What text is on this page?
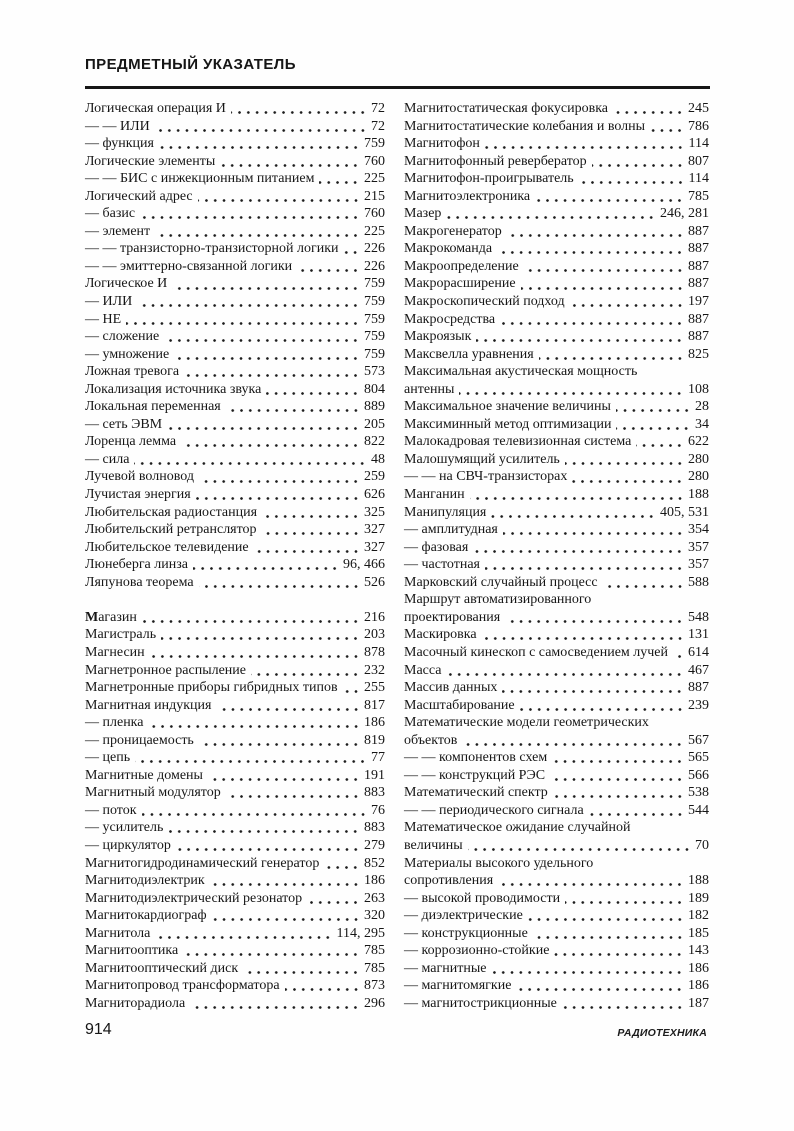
ПРЕДМЕТНЫЙ УКАЗАТЕЛЬ
Логическая операция И	72
— — ИЛИ	72
— функция	759
Логические элементы	760
— — БИС с инжекционным питанием	225
Логический адрес	215
— базис	760
— элемент	225
— — транзисторно-транзисторной логики 226
— — эмиттерно-связанной логики	226
Логическое И	759
— ИЛИ	759
— НЕ	759
— сложение	759
— умножение	759
Ложная тревога	573
Локализация источника звука	804
Локальная переменная	889
— сеть ЭВМ	205
Лоренца лемма	822
— сила	48
Лучевой волновод	259
Лучистая энергия	626
Любительская радиостанция	325
Любительский ретранслятор	327
Любительское телевидение	327
Люнеберга линза	96, 466
Ляпунова теорема	526
Магазин	216
Магистраль	203
Магнесин	878
Магнетронное распыление	232
Магнетронные приборы гибридных типов 255
Магнитная индукция	817
— пленка	186
— проницаемость	819
— цепь	77
Магнитные домены	191
Магнитный модулятор	883
— поток	76
— усилитель	883
— циркулятор	279
Магнитогидродинамический генератор	852
Магнитодиэлектрик	186
Магнитодиэлектрический резонатор	263
Магнитокардиограф	320
Магнитола	114, 295
Магнитооптика	785
Магнитооптический диск	785
Магнитопровод трансформатора	873
Магниторадиола	296
Магнитостатическая фокусировка	245
Магнитостатические колебания и волны	786
Магнитофон	114
Магнитофонный ревербератор	807
Магнитофон-проигрыватель	114
Магнитоэлектроника	785
Мазер	246, 281
Макрогенератор	887
Макрокоманда	887
Макроопределение	887
Макрорасширение	887
Макроскопический подход	197
Макросредства	887
Макроязык	887
Максвелла уравнения	825
Максимальная акустическая мощность
антенны	108
Максимальное значение величины	28
Максиминный метод оптимизации	34
Малокадровая телевизионная система	622
Малошумящий усилитель	280
— — на СВЧ-транзисторах	280
Манганин	188
Манипуляция	405, 531
— амплитудная	354
— фазовая	357
— частотная	357
Марковский случайный процесс	588
Маршрут автоматизированного
проектирования	548
Маскировка	131
Масочный кинескоп с самосведением лучей 614
Масса	467
Массив данных	887
Масштабирование	239
Математические модели геометрических
объектов	567
— — компонентов схем	565
— — конструкций РЭС	566
Математический спектр	538
— — периодического сигнала	544
Математическое ожидание случайной
величины	70
Материалы высокого удельного
сопротивления	188
— высокой проводимости	189
— диэлектрические	182
— конструкционные	185
— коррозионно-стойкие	143
— магнитные	186
— магнитомягкие	186
— магнитострикционные	187
914	РАДИОТЕХНИКА
